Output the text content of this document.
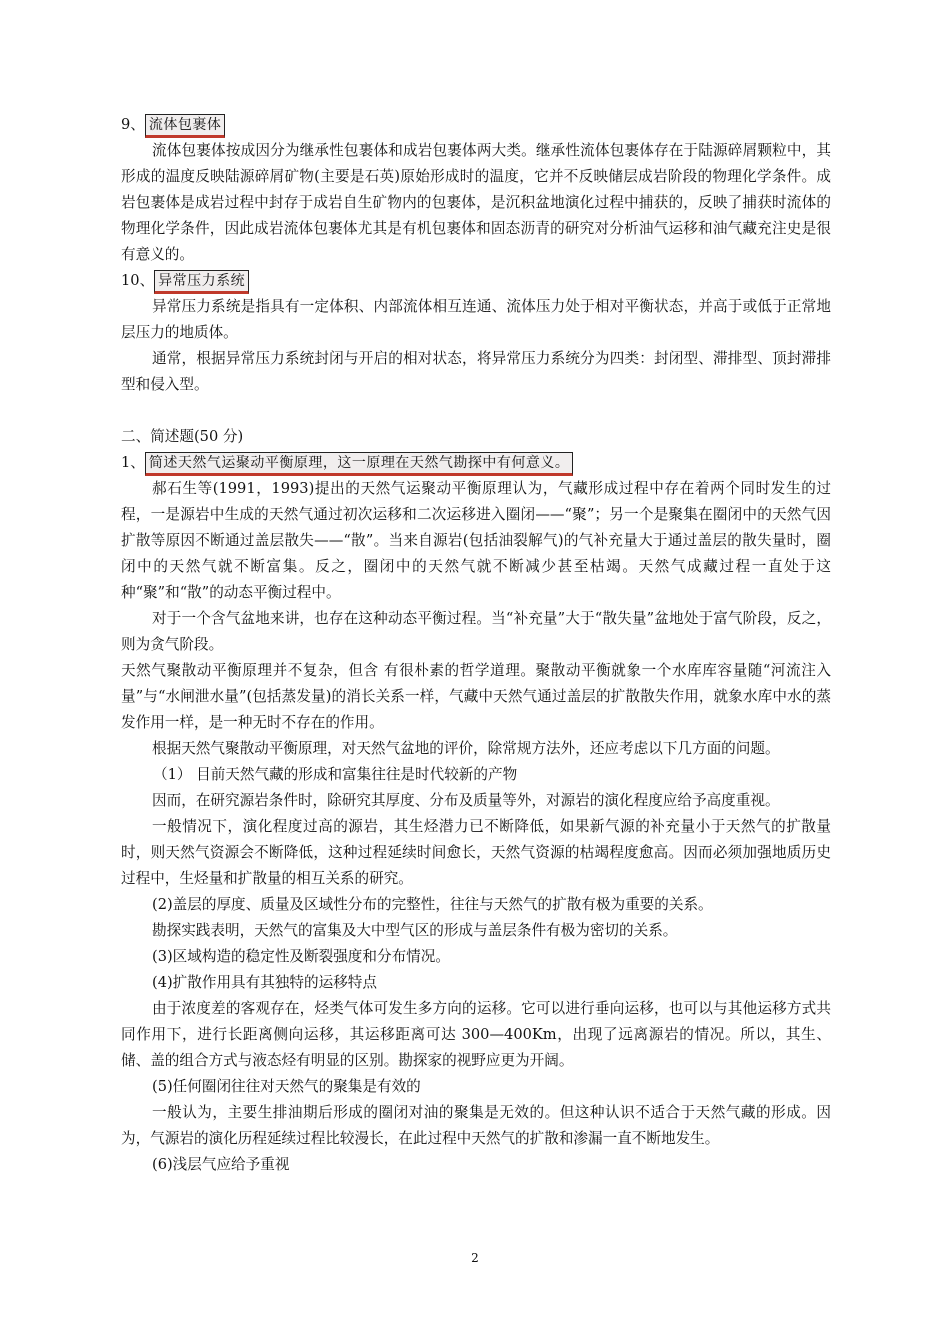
9、 流体包裹体

流体包裹体按成因分为继承性包裹体和成岩包裹体两大类。继承性流体包裹体存在于陆源碎屑颗粒中，其形成的温度反映陆源碎屑矿物(主要是石英)原始形成时的温度，它并不反映储层成岩阶段的物理化学条件。成岩包裹体是成岩过程中封存于成岩自生矿物内的包裹体，是沉积盆地演化过程中捕获的，反映了捕获时流体的物理化学条件，因此成岩流体包裹体尤其是有机包裹体和固态沥青的研究对分析油气运移和油气藏充注史是很有意义的。

10、 异常压力系统

异常压力系统是指具有一定体积、内部流体相互连通、流体压力处于相对平衡状态，并高于或低于正常地层压力的地质体。

通常，根据异常压力系统封闭与开启的相对状态，将异常压力系统分为四类：封闭型、滞排型、顶封滞排型和侵入型。

二、简述题(50 分)

1、 简述天然气运聚动平衡原理，这一原理在天然气勘探中有何意义。

郝石生等(1991，1993)提出的天然气运聚动平衡原理认为，气藏形成过程中存在着两个同时发生的过程，一是源岩中生成的天然气通过初次运移和二次运移进入圈闭——“聚”；另一个是聚集在圈闭中的天然气因扩散等原因不断通过盖层散失——“散”。当来自源岩(包括油裂解气)的气补充量大于通过盖层的散失量时，圈闭中的天然气就不断富集。反之，圈闭中的天然气就不断减少甚至枯竭。天然气成藏过程一直处于这种“聚”和“散”的动态平衡过程中。

对于一个含气盆地来讲，也存在这种动态平衡过程。当“补充量”大于“散失量”盆地处于富气阶段，反之，则为贪气阶段。

天然气聚散动平衡原理并不复杂，但含 有很朴素的哲学道理。聚散动平衡就象一个水库库容量随“河流注入量”与“水闸泄水量”(包括蒸发量)的消长关系一样，气藏中天然气通过盖层的扩散散失作用，就象水库中水的蒸发作用一样，是一种无时不存在的作用。

根据天然气聚散动平衡原理，对天然气盆地的评价，除常规方法外，还应考虑以下几方面的问题。

（1） 目前天然气藏的形成和富集往往是时代较新的产物

因而，在研究源岩条件时，除研究其厚度、分布及质量等外，对源岩的演化程度应给予高度重视。

一般情况下，演化程度过高的源岩，其生烃潜力已不断降低，如果新气源的补充量小于天然气的扩散量时，则天然气资源会不断降低，这种过程延续时间愈长，天然气资源的枯竭程度愈高。因而必须加强地质历史过程中，生烃量和扩散量的相互关系的研究。

(2)盖层的厚度、质量及区域性分布的完整性，往往与天然气的扩散有极为重要的关系。

勘探实践表明，天然气的富集及大中型气区的形成与盖层条件有极为密切的关系。

(3)区域构造的稳定性及断裂强度和分布情况。

(4)扩散作用具有其独特的运移特点

由于浓度差的客观存在，烃类气体可发生多方向的运移。它可以进行垂向运移，也可以与其他运移方式共同作用下，进行长距离侧向运移，其运移距离可达 300—400Km，出现了远离源岩的情况。所以，其生、储、盖的组合方式与液态烃有明显的区别。勘探家的视野应更为开阔。

(5)任何圈闭往往对天然气的聚集是有效的

一般认为，主要生排油期后形成的圈闭对油的聚集是无效的。但这种认识不适合于天然气藏的形成。因为，气源岩的演化历程延续过程比较漫长，在此过程中天然气的扩散和渗漏一直不断地发生。

(6)浅层气应给予重视

2
